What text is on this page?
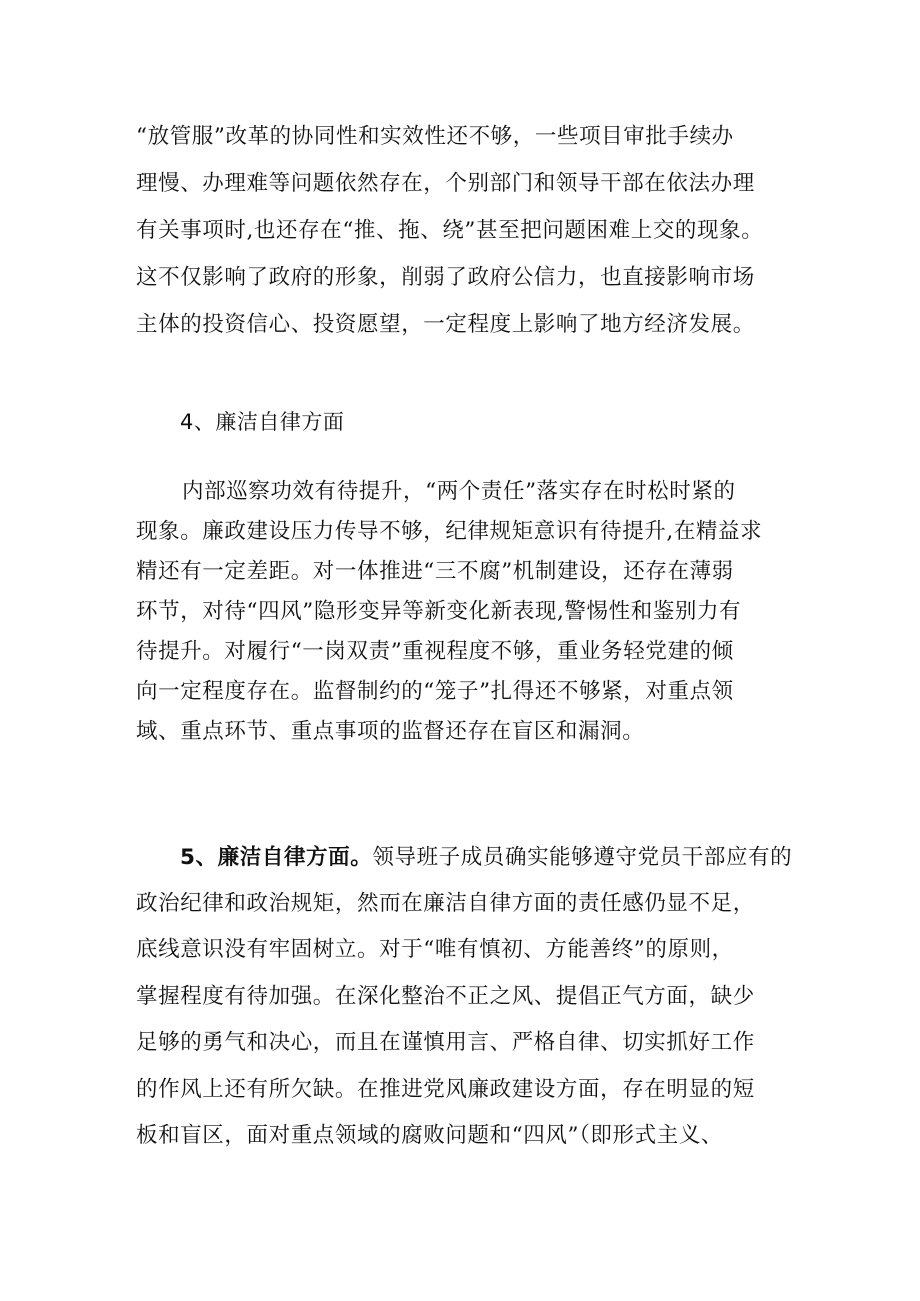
“放管服”改革的协同性和实效性还不够，一些项目审批手续办
理慢、办理难等问题依然存在，个别部门和领导干部在依法办理
有关事项时,也还存在“推、拖、绕”甚至把问题困难上交的现象。
这不仅影响了政府的形象，削弱了政府公信力，也直接影响市场
主体的投资信心、投资愿望，一定程度上影响了地方经济发展。
4、廉洁自律方面
内部巡察功效有待提升，“两个责任”落实存在时松时紧的
现象。廉政建设压力传导不够，纪律规矩意识有待提升,在精益求
精还有一定差距。对一体推进“三不腐”机制建设，还存在薄弱
环节，对待“四风”隐形变异等新变化新表现,警惕性和鉴别力有
待提升。对履行“一岗双责”重视程度不够，重业务轻党建的倾
向一定程度存在。监督制约的“笼子”扎得还不够紧，对重点领
域、重点环节、重点事项的监督还存在盲区和漏洞。
5、廉洁自律方面。领导班子成员确实能够遵守党员干部应有的
政治纪律和政治规矩，然而在廉洁自律方面的责任感仍显不足，
底线意识没有牢固树立。对于“唯有慎初、方能善终”的原则，
掌握程度有待加强。在深化整治不正之风、提倡正气方面，缺少
足够的勇气和决心，而且在谨慎用言、严格自律、切实抓好工作
的作风上还有所欠缺。在推进党风廉政建设方面，存在明显的短
板和盲区，面对重点领域的腐败问题和“四风”（即形式主义、
